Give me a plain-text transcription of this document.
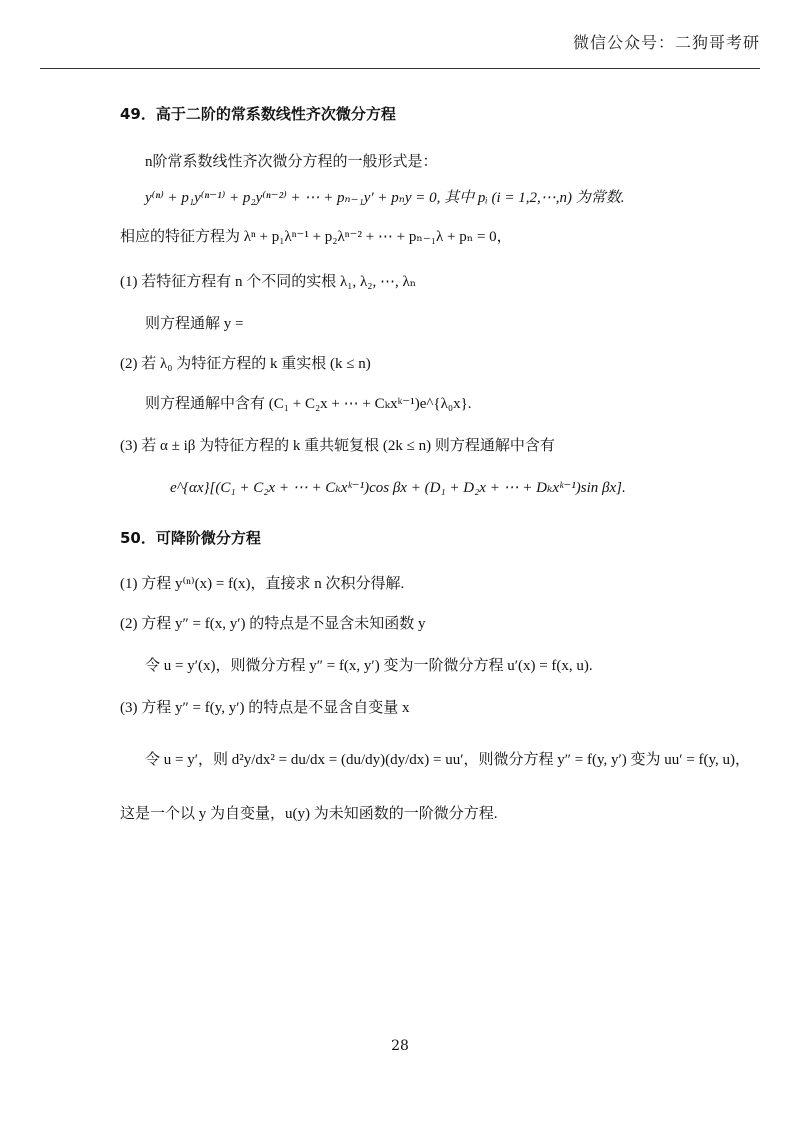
微信公众号：二狗哥考研
49．高于二阶的常系数线性齐次微分方程
n阶常系数线性齐次微分方程的一般形式是：
y⁽ⁿ⁾ + p₁y⁽ⁿ⁻¹⁾ + p₂y⁽ⁿ⁻²⁾ + ⋯ + pₙ₋₁y′ + pₙy = 0, 其中 pᵢ (i = 1,2,⋯,n) 为常数.
相应的特征方程为 λⁿ + p₁λⁿ⁻¹ + p₂λⁿ⁻² + ⋯ + pₙ₋₁λ + pₙ = 0，
(1) 若特征方程有 n 个不同的实根 λ₁, λ₂, ⋯, λₙ
则方程通解 y =
(2) 若 λ₀ 为特征方程的 k 重实根 (k ≤ n)
则方程通解中含有 (C₁ + C₂x + ⋯ + Cₖxᵏ⁻¹)e^{λ₀x}.
(3) 若 α ± iβ 为特征方程的 k 重共轭复根 (2k ≤ n) 则方程通解中含有
e^{αx}[(C₁ + C₂x + ⋯ + Cₖxᵏ⁻¹)cos βx + (D₁ + D₂x + ⋯ + Dₖxᵏ⁻¹)sin βx].
50．可降阶微分方程
(1) 方程 y⁽ⁿ⁾(x) = f(x)，直接求 n 次积分得解.
(2) 方程 y″ = f(x, y′) 的特点是不显含未知函数 y
令 u = y′(x)，则微分方程 y″ = f(x, y′) 变为一阶微分方程 u′(x) = f(x, u).
(3) 方程 y″ = f(y, y′) 的特点是不显含自变量 x
令 u = y′，则 d²y/dx² = du/dx = (du/dy)(dy/dx) = uu′，则微分方程 y″ = f(y, y′) 变为 uu′ = f(y, u)，
这是一个以 y 为自变量，u(y) 为未知函数的一阶微分方程.
28
